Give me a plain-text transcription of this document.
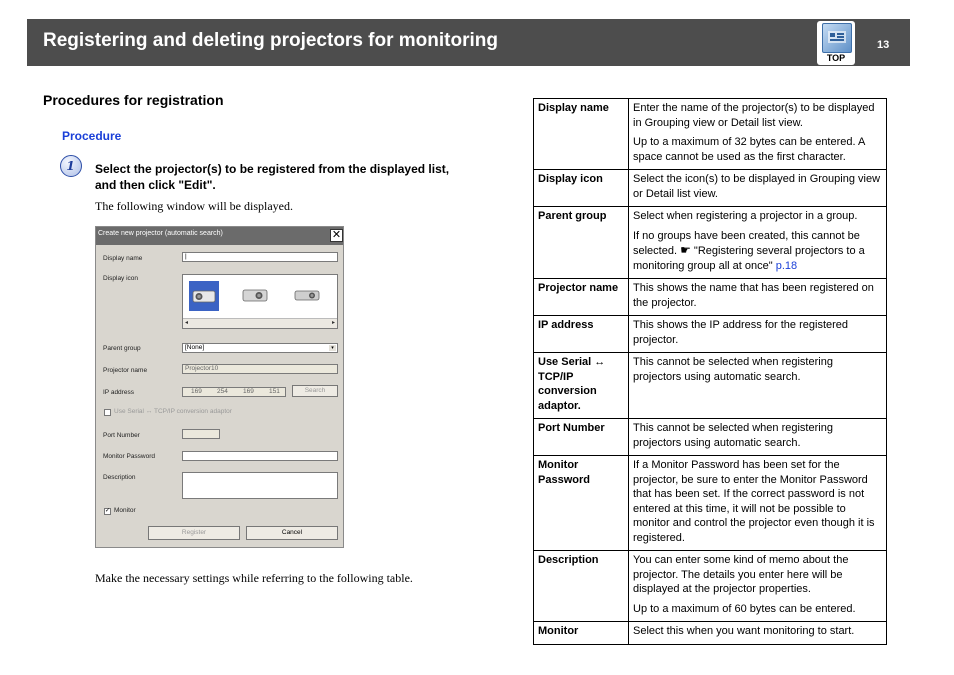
Registering and deleting projectors for monitoring
TOP
13
Procedures for registration
Procedure
1	Select the projector(s) to be registered from the displayed list, and then click "Edit".
The following window will be displayed.
Create new projector (automatic search)	✕
Display name	|
Display icon
◂	▸
Parent group	[None]	▾
Projector name	Projector10
IP address	169 254 169 151	Search
Use Serial ↔ TCP/IP conversion adaptor
Port Number
Monitor Password
Description
✓ Monitor
Register	Cancel
Make the necessary settings while referring to the following table.
Display name	Enter the name of the projector(s) to be displayed in Grouping view or Detail list view.

Up to a maximum of 32 bytes can be entered. A space cannot be used as the first character.

Display icon	Select the icon(s) to be displayed in Grouping view or Detail list view.

Parent group	Select when registering a projector in a group.

If no groups have been created, this cannot be selected. ☛ "Registering several projectors to a monitoring group all at once" p.18

Projector name	This shows the name that has been registered on the projector.

IP address	This shows the IP address for the registered projector.

Use Serial ↔ TCP/IP conversion adaptor.	This cannot be selected when registering projectors using automatic search.

Port Number	This cannot be selected when registering projectors using automatic search.

Monitor Password	If a Monitor Password has been set for the projector, be sure to enter the Monitor Password that has been set. If the correct password is not entered at this time, it will not be possible to monitor and control the projector even though it is registered.

Description	You can enter some kind of memo about the projector. The details you enter here will be displayed at the projector properties.

Up to a maximum of 60 bytes can be entered.

Monitor	Select this when you want monitoring to start.
